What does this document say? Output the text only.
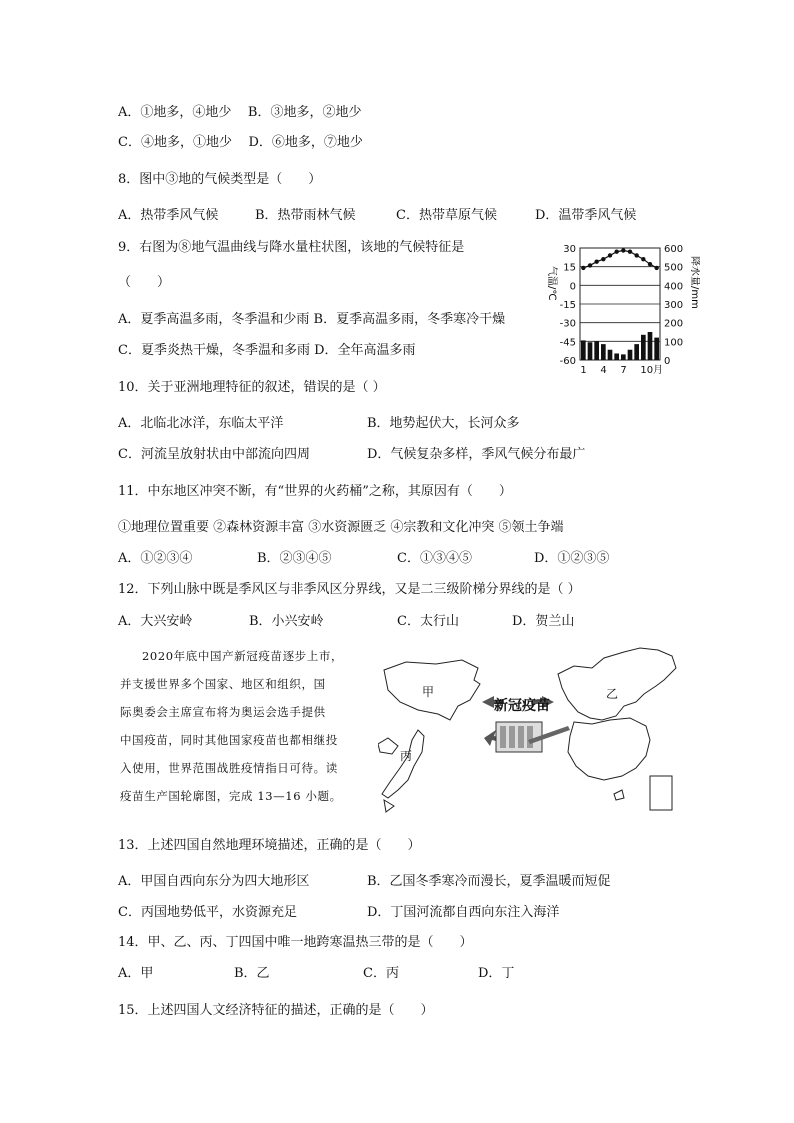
A．①地多，④地少 B．③地多，②地少
C．④地多，①地少 D．⑥地多，⑦地少
8．图中③地的气候类型是（　　）
A．热带季风气候	B．热带雨林气候	C．热带草原气候	D．温带季风气候
9．右图为⑧地气温曲线与降水量柱状图，该地的气候特征是
（　　）
A．夏季高温多雨，冬季温和少雨 B．夏季高温多雨，冬季寒冷干燥
C．夏季炎热干燥，冬季温和多雨 D．全年高温多雨
30
15
0
-15
-30
-45
-60
600
500
400
300
200
100
0
1 4 7 10月
气温/℃	降水量/mm
10．关于亚洲地理特征的叙述，错误的是（ ）
A．北临北冰洋，东临太平洋	B．地势起伏大，长河众多
C．河流呈放射状由中部流向四周	D．气候复杂多样，季风气候分布最广
11．中东地区冲突不断，有“世界的火药桶”之称，其原因有（　　）
①地理位置重要 ②森林资源丰富 ③水资源匮乏 ④宗教和文化冲突 ⑤领土争端
A．①②③④	B．②③④⑤	C．①③④⑤	D．①②③⑤
12．下列山脉中既是季风区与非季风区分界线，又是二三级阶梯分界线的是（ ）
A．大兴安岭	B．小兴安岭	C．太行山	D．贺兰山
2020年底中国产新冠疫苗逐步上市，
并支援世界多个国家、地区和组织，国
际奥委会主席宣布将为奥运会选手提供
中国疫苗，同时其他国家疫苗也都相继投
入使用，世界范围战胜疫情指日可待。读
疫苗生产国轮廓图，完成 13—16 小题。
甲	乙
丙
新冠疫苗
13．上述四国自然地理环境描述，正确的是（　　）
A．甲国自西向东分为四大地形区	B．乙国冬季寒冷而漫长，夏季温暖而短促
C．丙国地势低平，水资源充足	D．丁国河流都自西向东注入海洋
14．甲、乙、丙、丁四国中唯一地跨寒温热三带的是（　　）
A．甲	B．乙	C．丙	D．丁
15．上述四国人文经济特征的描述，正确的是（　　）
